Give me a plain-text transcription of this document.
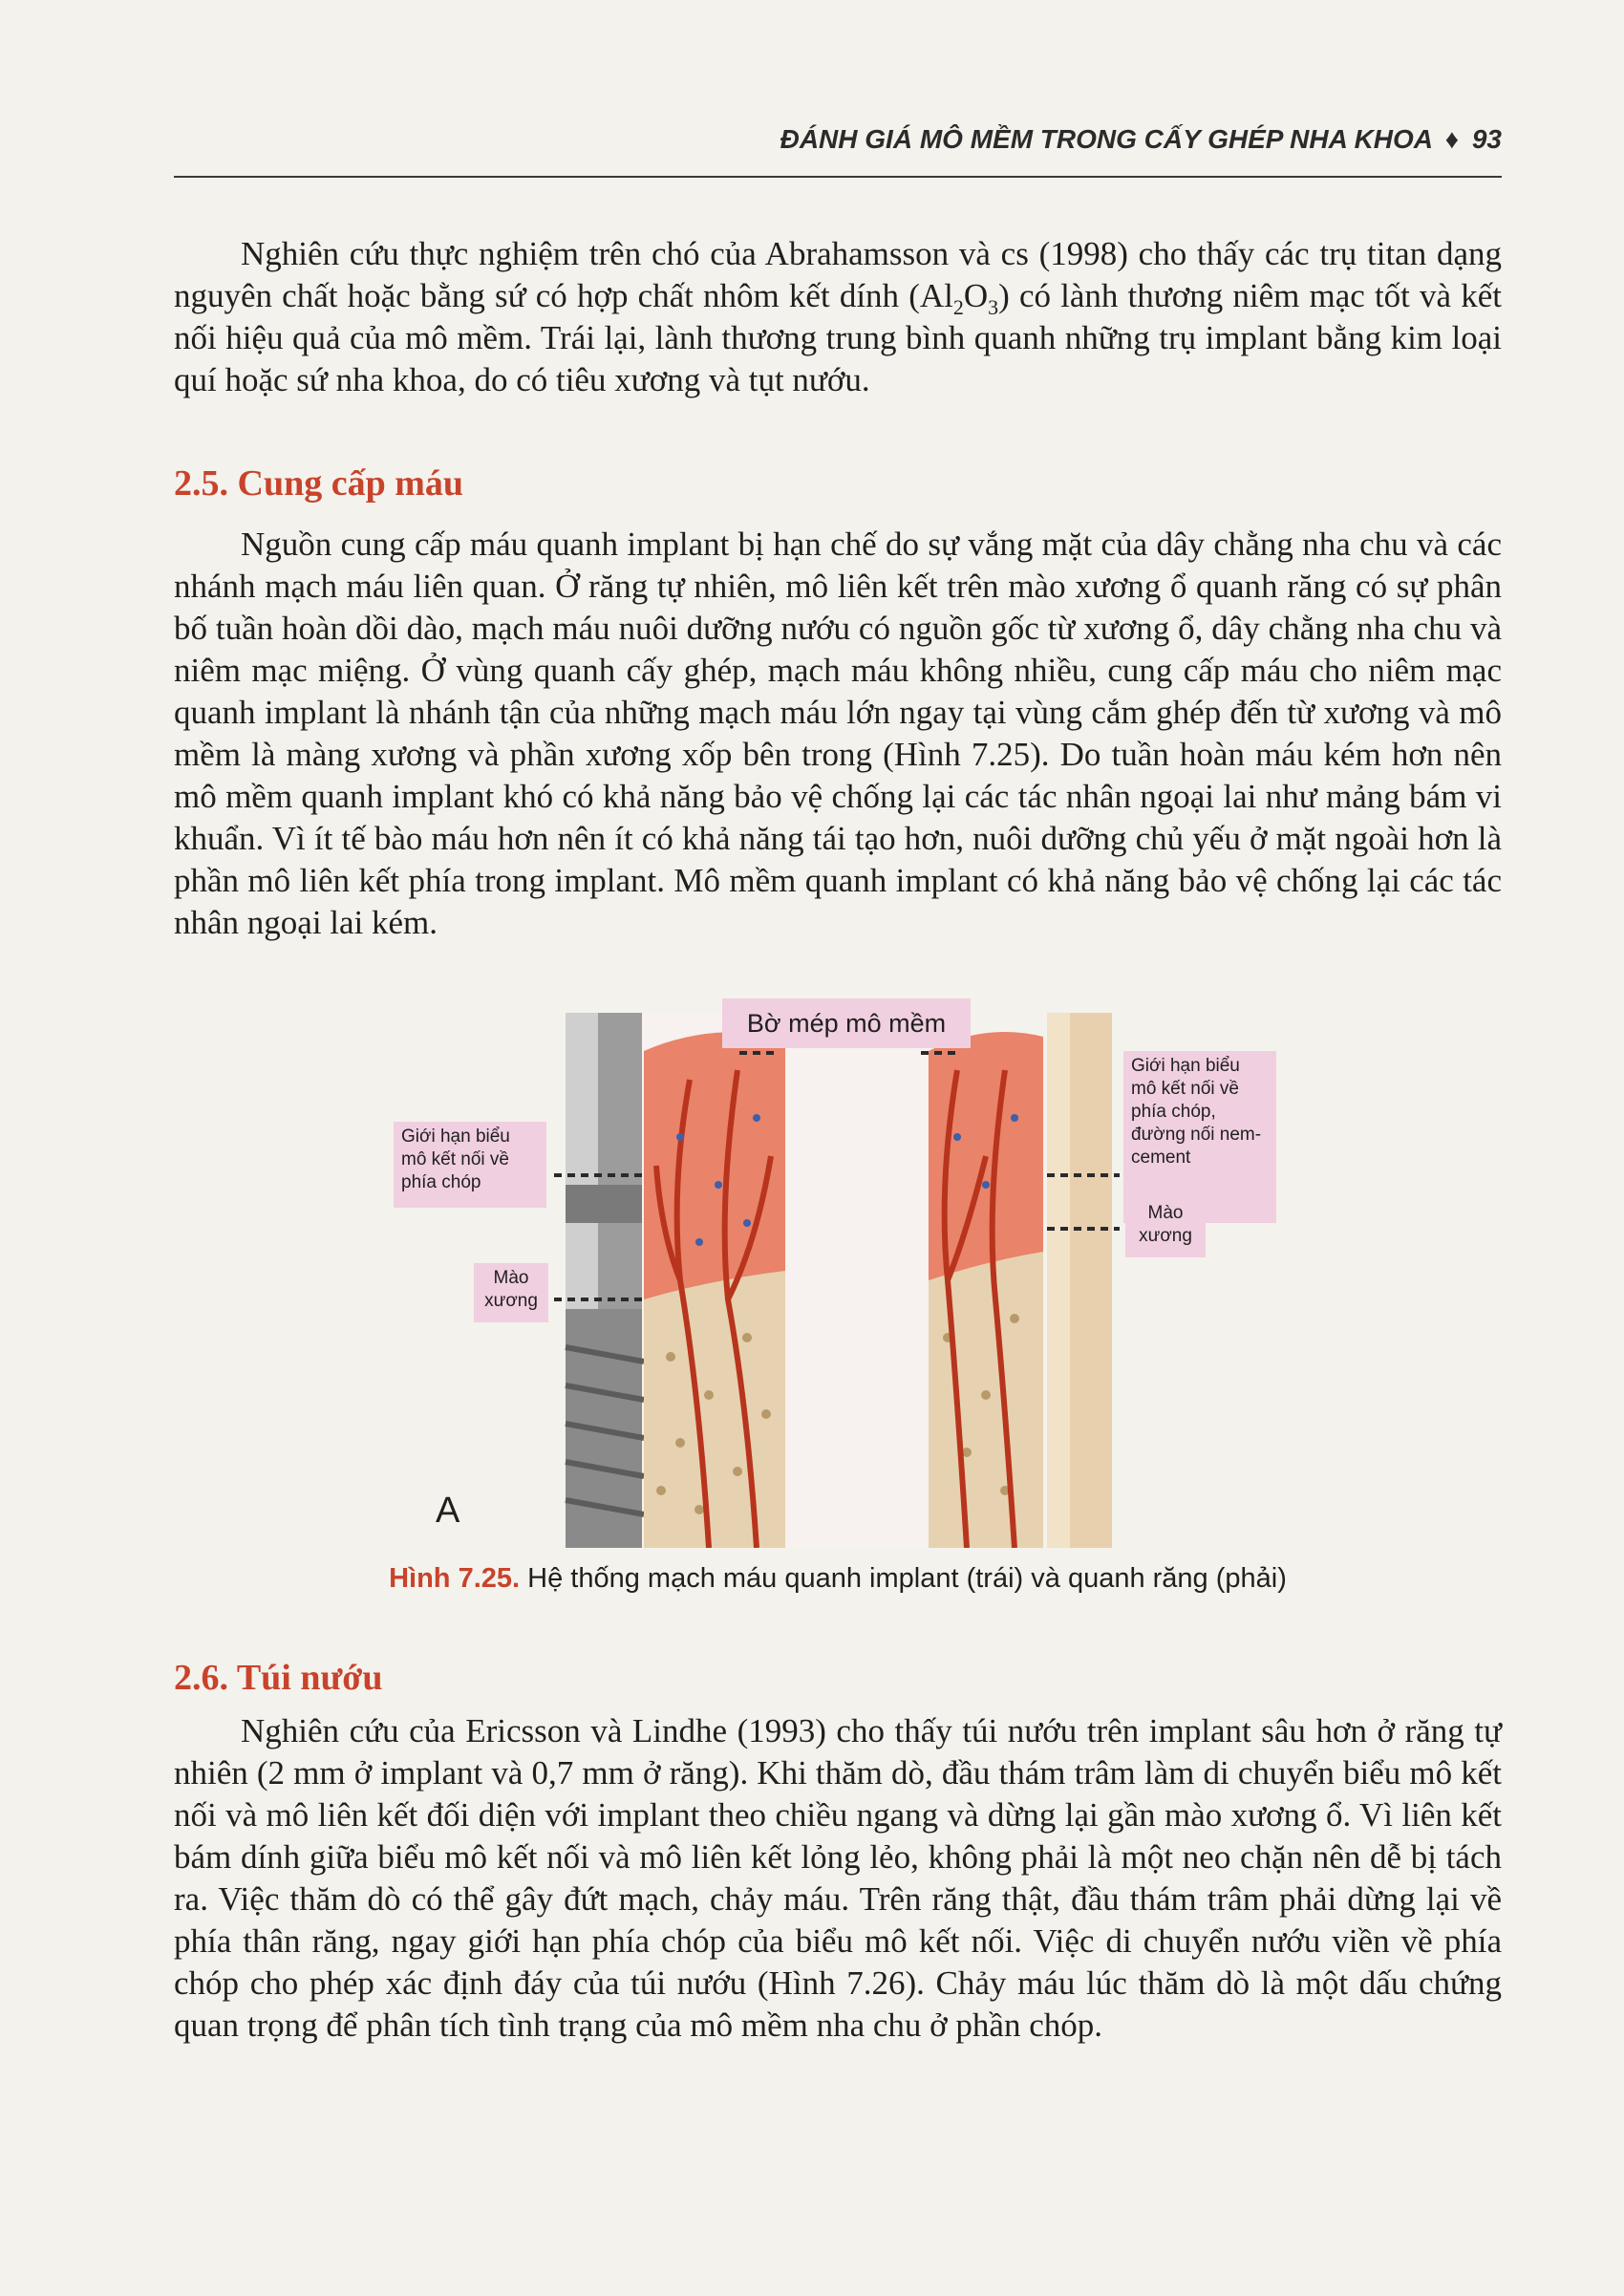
ĐÁNH GIÁ MÔ MỀM TRONG CẤY GHÉP NHA KHOA ♦ 93

Nghiên cứu thực nghiệm trên chó của Abrahamsson và cs (1998) cho thấy các trụ titan dạng nguyên chất hoặc bằng sứ có hợp chất nhôm kết dính $(Al_2O_3)$ có lành thương niêm mạc tốt và kết nối hiệu quả của mô mềm. Trái lại, lành thương trung bình quanh những trụ implant bằng kim loại quí hoặc sứ nha khoa, do có tiêu xương và tụt nướu.

2.5. Cung cấp máu

Nguồn cung cấp máu quanh implant bị hạn chế do sự vắng mặt của dây chằng nha chu và các nhánh mạch máu liên quan. Ở răng tự nhiên, mô liên kết trên mào xương ổ quanh răng có sự phân bố tuần hoàn dồi dào, mạch máu nuôi dưỡng nướu có nguồn gốc từ xương ổ, dây chằng nha chu và niêm mạc miệng. Ở vùng quanh cấy ghép, mạch máu không nhiều, cung cấp máu cho niêm mạc quanh implant là nhánh tận của những mạch máu lớn ngay tại vùng cắm ghép đến từ xương và mô mềm là màng xương và phần xương xốp bên trong (Hình 7.25). Do tuần hoàn máu kém hơn nên mô mềm quanh implant khó có khả năng bảo vệ chống lại các tác nhân ngoại lai như mảng bám vi khuẩn. Vì ít tế bào máu hơn nên ít có khả năng tái tạo hơn, nuôi dưỡng chủ yếu ở mặt ngoài hơn là phần mô liên kết phía trong implant. Mô mềm quanh implant có khả năng bảo vệ chống lại các tác nhân ngoại lai kém.

Bờ mép mô mềm
Giới hạn biểu mô kết nối về phía chóp
Mào xương
Giới hạn biểu mô kết nối về phía chóp, đường nối nem-cement
Mào xương
A
Hình 7.25. Hệ thống mạch máu quanh implant (trái) và quanh răng (phải)
2.6. Túi nướu

Nghiên cứu của Ericsson và Lindhe (1993) cho thấy túi nướu trên implant sâu hơn ở răng tự nhiên (2 mm ở implant và 0,7 mm ở răng). Khi thăm dò, đầu thám trâm làm di chuyển biểu mô kết nối và mô liên kết đối diện với implant theo chiều ngang và dừng lại gần mào xương ổ. Vì liên kết bám dính giữa biểu mô kết nối và mô liên kết lỏng lẻo, không phải là một neo chặn nên dễ bị tách ra. Việc thăm dò có thể gây đứt mạch, chảy máu. Trên răng thật, đầu thám trâm phải dừng lại về phía thân răng, ngay giới hạn phía chóp của biểu mô kết nối. Việc di chuyển nướu viền về phía chóp cho phép xác định đáy của túi nướu (Hình 7.26). Chảy máu lúc thăm dò là một dấu chứng quan trọng để phân tích tình trạng của mô mềm nha chu ở phần chóp.
